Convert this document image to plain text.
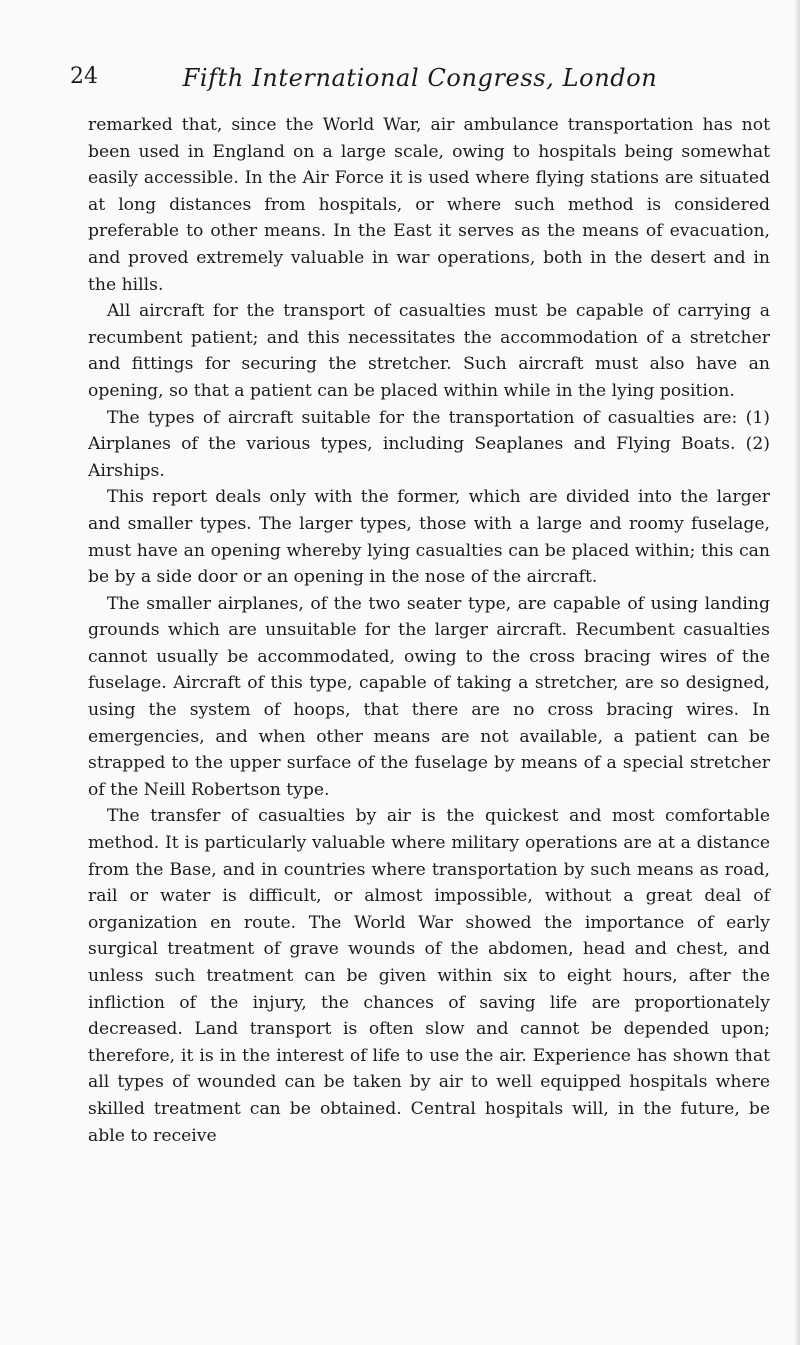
24	Fifth International Congress, London

remarked that, since the World War, air ambulance transportation has not been used in England on a large scale, owing to hospitals being somewhat easily accessible. In the Air Force it is used where flying stations are situated at long distances from hospitals, or where such method is considered preferable to other means. In the East it serves as the means of evacuation, and proved extremely valuable in war operations, both in the desert and in the hills.

All aircraft for the transport of casualties must be capable of carrying a recumbent patient; and this necessitates the accommodation of a stretcher and fittings for securing the stretcher. Such aircraft must also have an opening, so that a patient can be placed within while in the lying position.

The types of aircraft suitable for the transportation of casualties are: (1) Airplanes of the various types, including Seaplanes and Flying Boats. (2) Airships.

This report deals only with the former, which are divided into the larger and smaller types. The larger types, those with a large and roomy fuselage, must have an opening whereby lying casualties can be placed within; this can be by a side door or an opening in the nose of the aircraft.

The smaller airplanes, of the two seater type, are capable of using landing grounds which are unsuitable for the larger aircraft. Recumbent casualties cannot usually be accommodated, owing to the cross bracing wires of the fuselage. Aircraft of this type, capable of taking a stretcher, are so designed, using the system of hoops, that there are no cross bracing wires. In emergencies, and when other means are not available, a patient can be strapped to the upper surface of the fuselage by means of a special stretcher of the Neill Robertson type.

The transfer of casualties by air is the quickest and most comfortable method. It is particularly valuable where military operations are at a distance from the Base, and in countries where transportation by such means as road, rail or water is difficult, or almost impossible, without a great deal of organization en route. The World War showed the importance of early surgical treatment of grave wounds of the abdomen, head and chest, and unless such treatment can be given within six to eight hours, after the infliction of the injury, the chances of saving life are proportionately decreased. Land transport is often slow and cannot be depended upon; therefore, it is in the interest of life to use the air. Experience has shown that all types of wounded can be taken by air to well equipped hospitals where skilled treatment can be obtained. Central hospitals will, in the future, be able to receive
